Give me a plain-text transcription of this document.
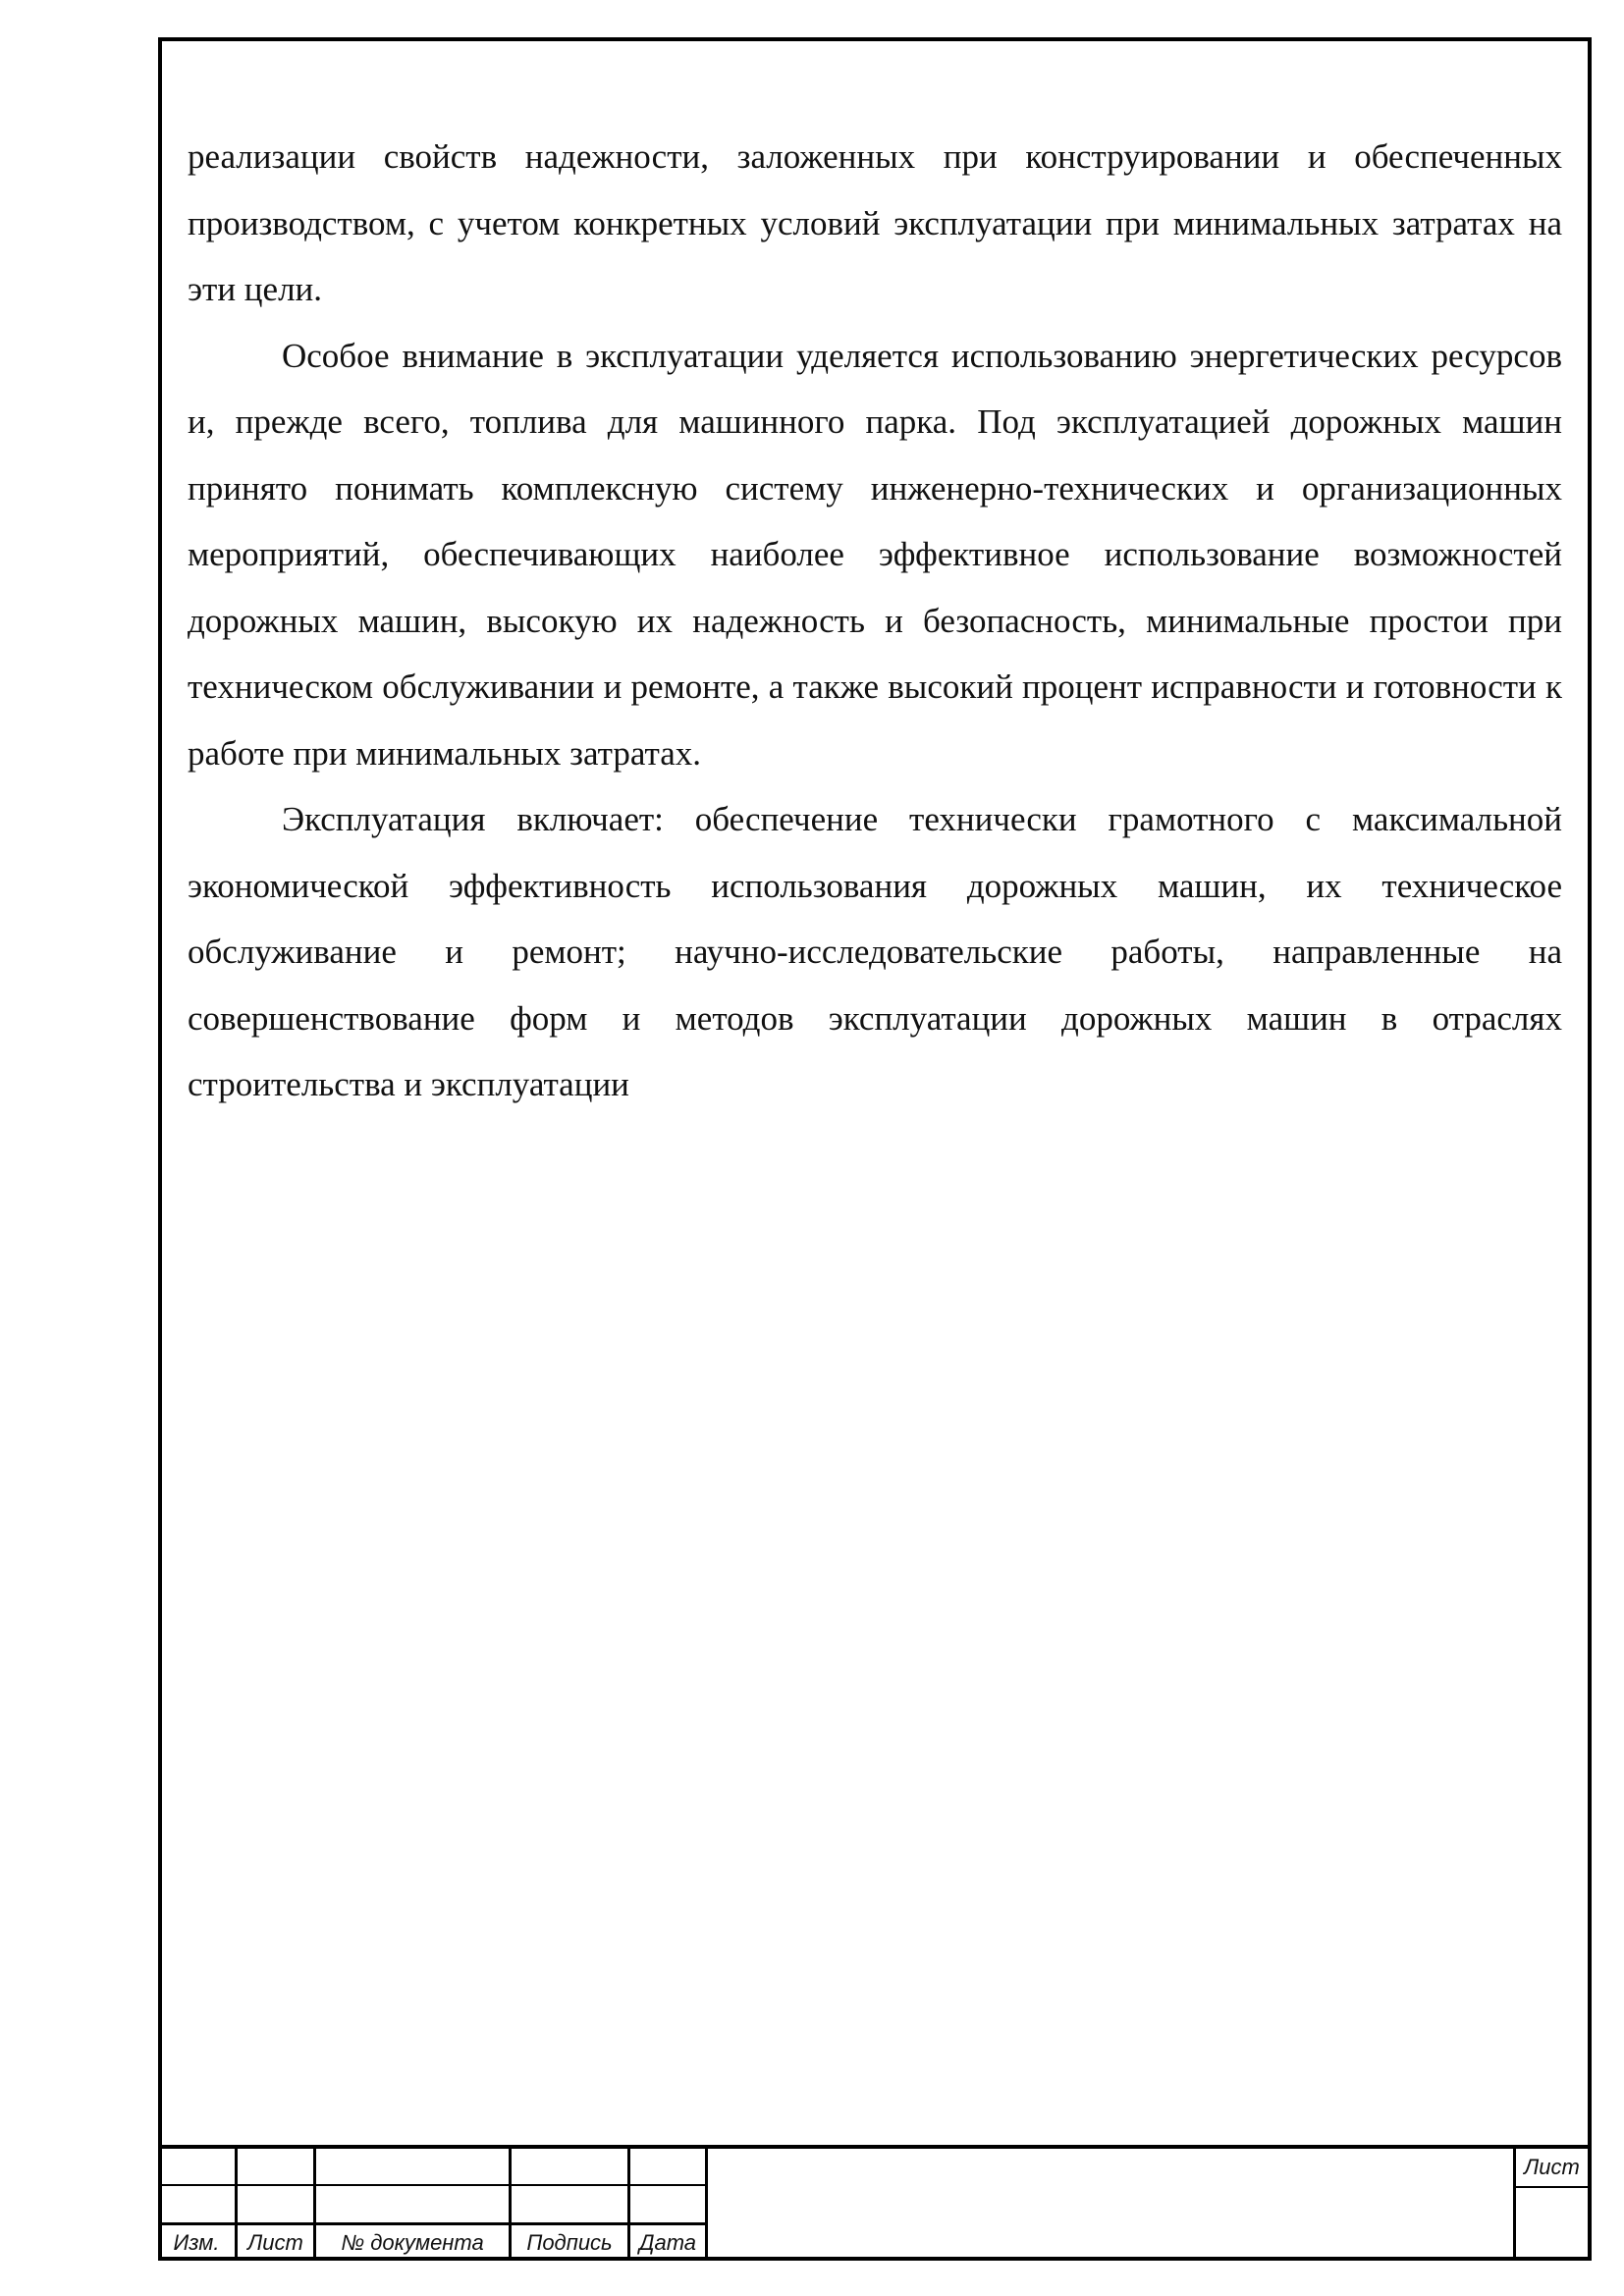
реализации свойств надежности, заложенных при конструировании и обеспеченных производством, с учетом конкретных условий эксплуатации при минимальных затратах на эти цели.

Особое внимание в эксплуатации уделяется использованию энергетических ресурсов и, прежде всего, топлива для машинного парка. Под эксплуатацией дорожных машин принято понимать комплексную систему инженерно-технических и организационных мероприятий, обеспечивающих наиболее эффективное использование возможностей дорожных машин, высокую их надежность и безопасность, минимальные простои при техническом обслуживании и ремонте, а также высокий процент исправности и готовности к работе при минимальных затратах.

Эксплуатация включает: обеспечение технически грамотного с максимальной экономической эффективность использования дорожных машин, их техническое обслуживание и ремонт; научно-исследовательские работы, направленные на совершенствование форм и методов эксплуатации дорожных машин в отраслях строительства и эксплуатации

Изм.	Лист	№ документа	Подпись	Дата
Лист
